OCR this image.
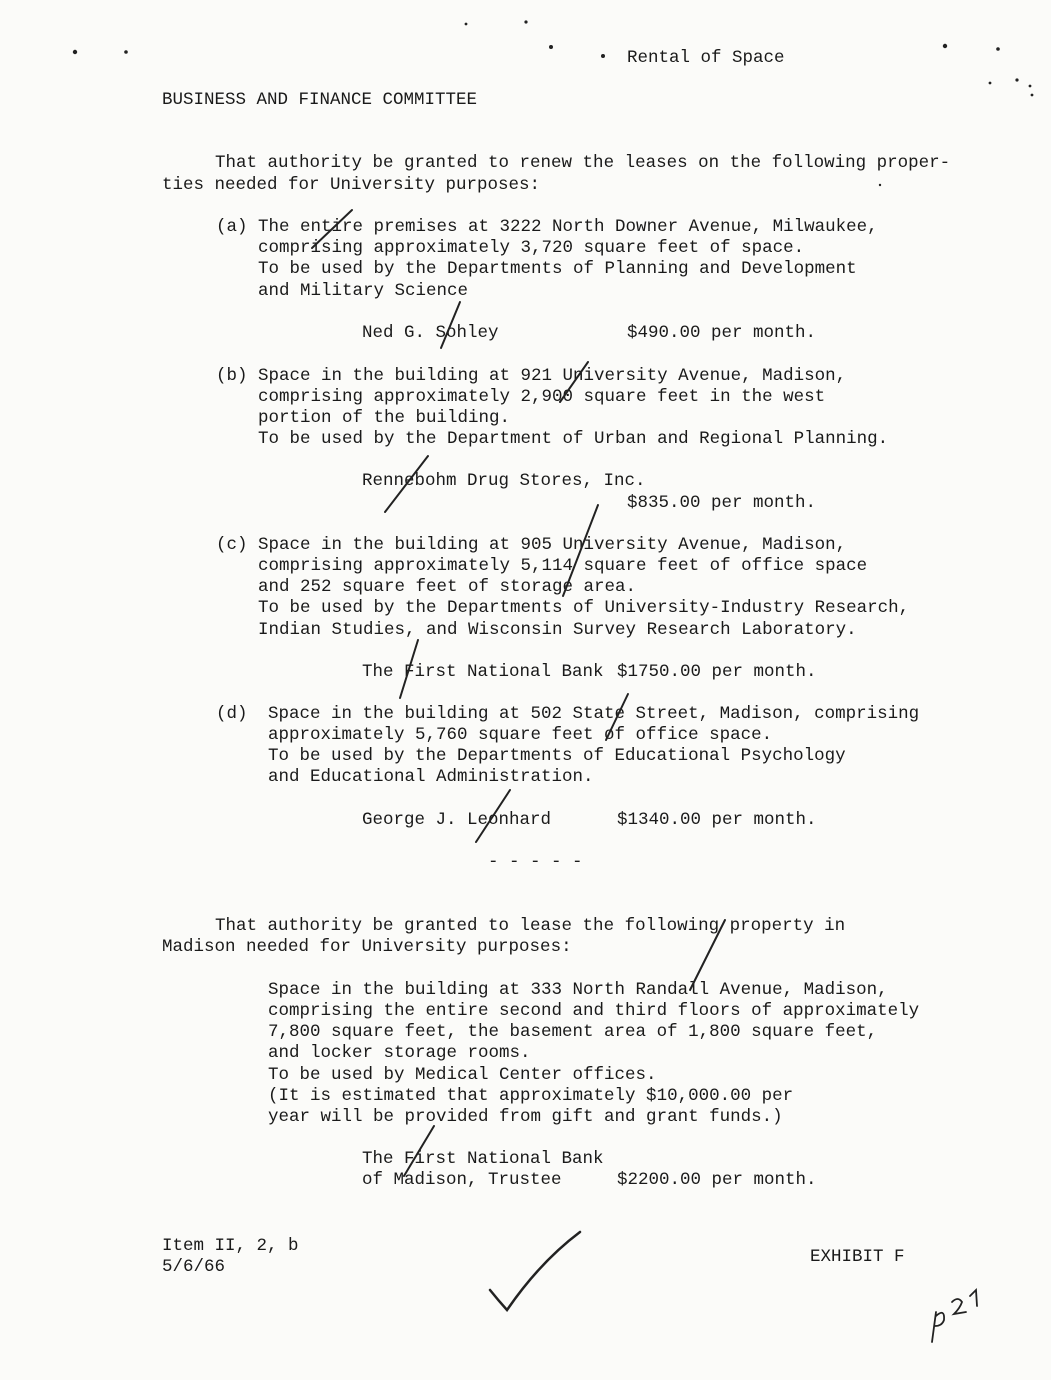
Rental of Space
BUSINESS AND FINANCE COMMITTEE
That authority be granted to renew the leases on the following proper-
ties needed for University purposes:
(a) The entire premises at 3222 North Downer Avenue, Milwaukee,
comprising approximately 3,720 square feet of space.
To be used by the Departments of Planning and Development
and Military Science
Ned G. Sohley	$490.00 per month.
(b) Space in the building at 921 University Avenue, Madison,
comprising approximately 2,900 square feet in the west
portion of the building.
To be used by the Department of Urban and Regional Planning.
Rennebohm Drug Stores, Inc.
$835.00 per month.
(c) Space in the building at 905 University Avenue, Madison,
comprising approximately 5,114 square feet of office space
and 252 square feet of storage area.
To be used by the Departments of University-Industry Research,
Indian Studies, and Wisconsin Survey Research Laboratory.
The First National Bank $1750.00 per month.
(d) Space in the building at 502 State Street, Madison, comprising
approximately 5,760 square feet of office space.
To be used by the Departments of Educational Psychology
and Educational Administration.
George J. Leonhard	$1340.00 per month.
- - - - -
That authority be granted to lease the following property in
Madison needed for University purposes:
Space in the building at 333 North Randall Avenue, Madison,
comprising the entire second and third floors of approximately
7,800 square feet, the basement area of 1,800 square feet,
and locker storage rooms.
To be used by Medical Center offices.
(It is estimated that approximately $10,000.00 per
year will be provided from gift and grant funds.)
The First National Bank
of Madison, Trustee	$2200.00 per month.
Item II, 2, b
5/6/66	EXHIBIT F
